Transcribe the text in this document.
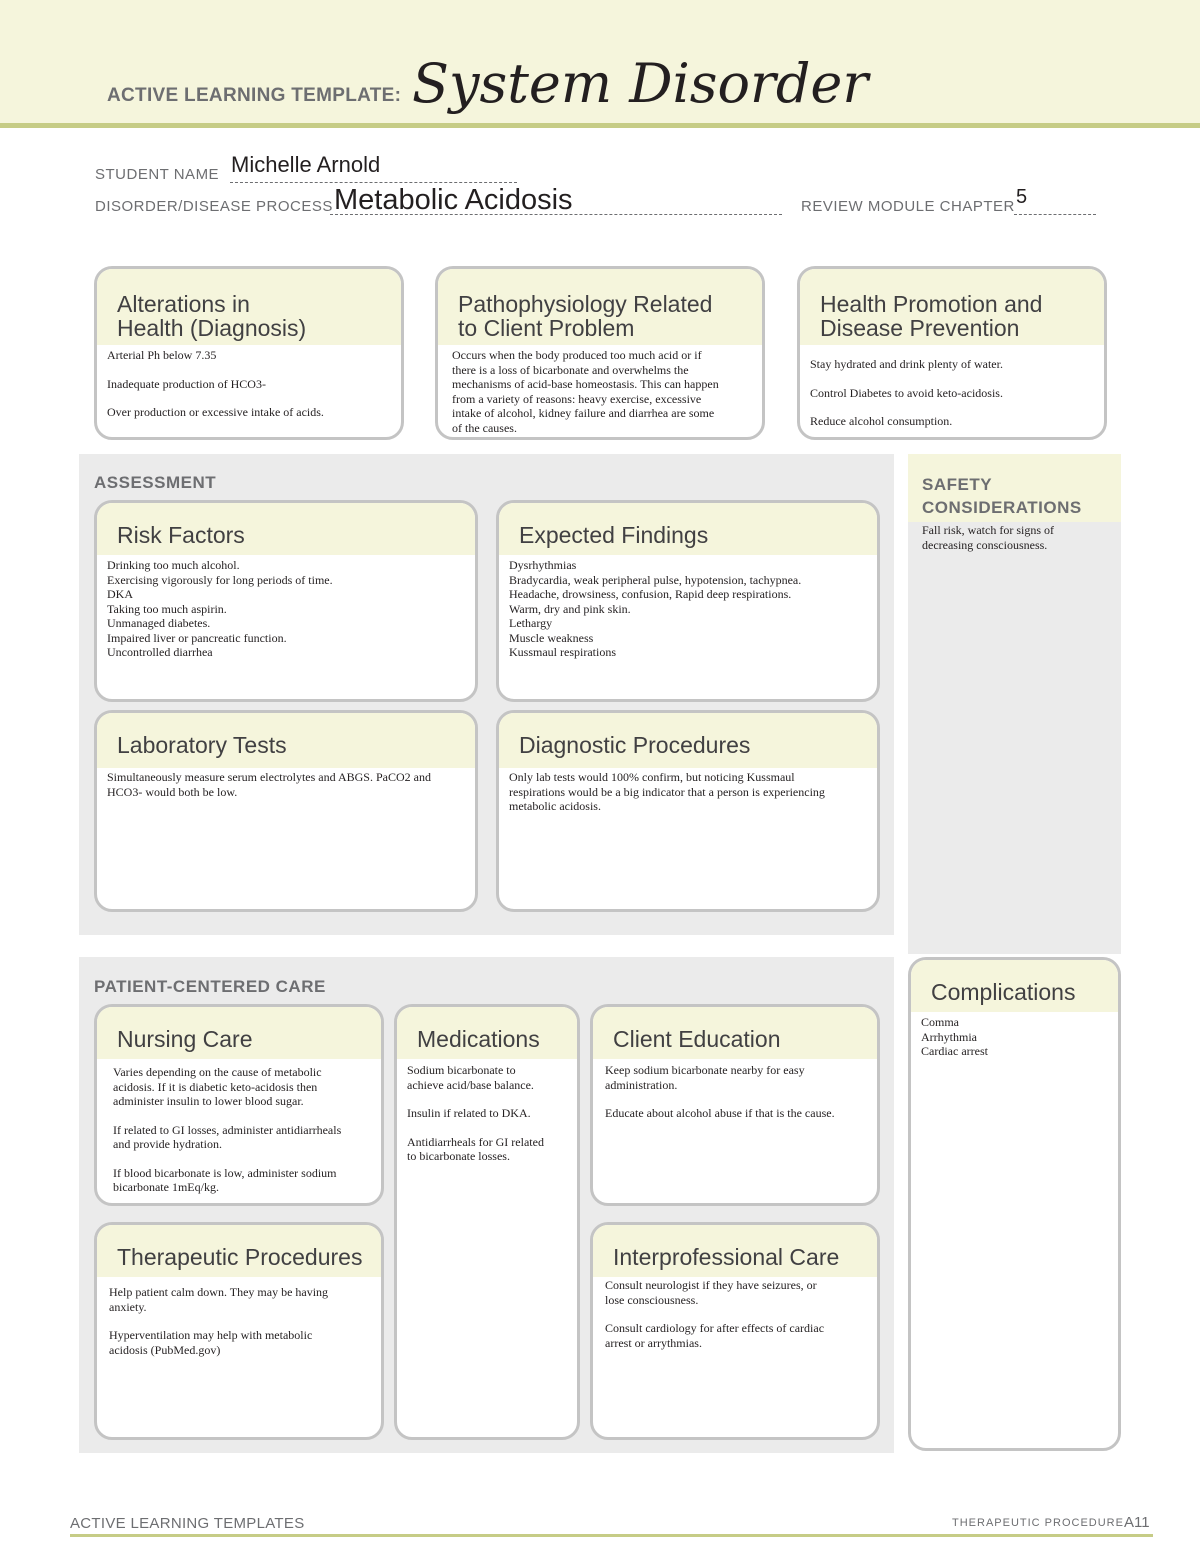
ACTIVE LEARNING TEMPLATE: System Disorder
STUDENT NAME Michelle Arnold
DISORDER/DISEASE PROCESS Metabolic Acidosis	REVIEW MODULE CHAPTER 5
Alterations in
Health (Diagnosis)
Arterial Ph below 7.35
Inadequate production of HCO3-
Over production or excessive intake of acids.
Pathophysiology Related
to Client Problem
Occurs when the body produced too much acid or if
there is a loss of bicarbonate and overwhelms the
mechanisms of acid-base homeostasis. This can happen
from a variety of reasons: heavy exercise, excessive
intake of alcohol, kidney failure and diarrhea are some
of the causes.
Health Promotion and
Disease Prevention
Stay hydrated and drink plenty of water.
Control Diabetes to avoid keto-acidosis.
Reduce alcohol consumption.
ASSESSMENT
Risk Factors
Drinking too much alcohol.
Exercising vigorously for long periods of time.
DKA
Taking too much aspirin.
Unmanaged diabetes.
Impaired liver or pancreatic function.
Uncontrolled diarrhea
Expected Findings
Dysrhythmias
Bradycardia, weak peripheral pulse, hypotension, tachypnea.
Headache, drowsiness, confusion, Rapid deep respirations.
Warm, dry and pink skin.
Lethargy
Muscle weakness
Kussmaul respirations
Laboratory Tests
Simultaneously measure serum electrolytes and ABGS. PaCO2 and
HCO3- would both be low.
Diagnostic Procedures
Only lab tests would 100% confirm, but noticing Kussmaul
respirations would be a big indicator that a person is experiencing
metabolic acidosis.
SAFETY
CONSIDERATIONS
Fall risk, watch for signs of
decreasing consciousness.
Complications
Comma
Arrhythmia
Cardiac arrest
PATIENT-CENTERED CARE
Nursing Care

Varies depending on the cause of metabolic
acidosis. If it is diabetic keto-acidosis then
administer insulin to lower blood sugar.

If related to GI losses, administer antidiarrheals
and provide hydration.

If blood bicarbonate is low, administer sodium
bicarbonate 1mEq/kg.

Medications

Sodium bicarbonate to
achieve acid/base balance.

Insulin if related to DKA.

Antidiarrheals for GI related
to bicarbonate losses.

Client Education

Keep sodium bicarbonate nearby for easy
administration.

Educate about alcohol abuse if that is the cause.

Therapeutic Procedures

Help patient calm down. They may be having
anxiety.

Hyperventilation may help with metabolic
acidosis (PubMed.gov)

Interprofessional Care

Consult neurologist if they have seizures, or
lose consciousness.

Consult cardiology for after effects of cardiac
arrest or arrythmias.

ACTIVE LEARNING TEMPLATES	THERAPEUTIC PROCEDURE A11
